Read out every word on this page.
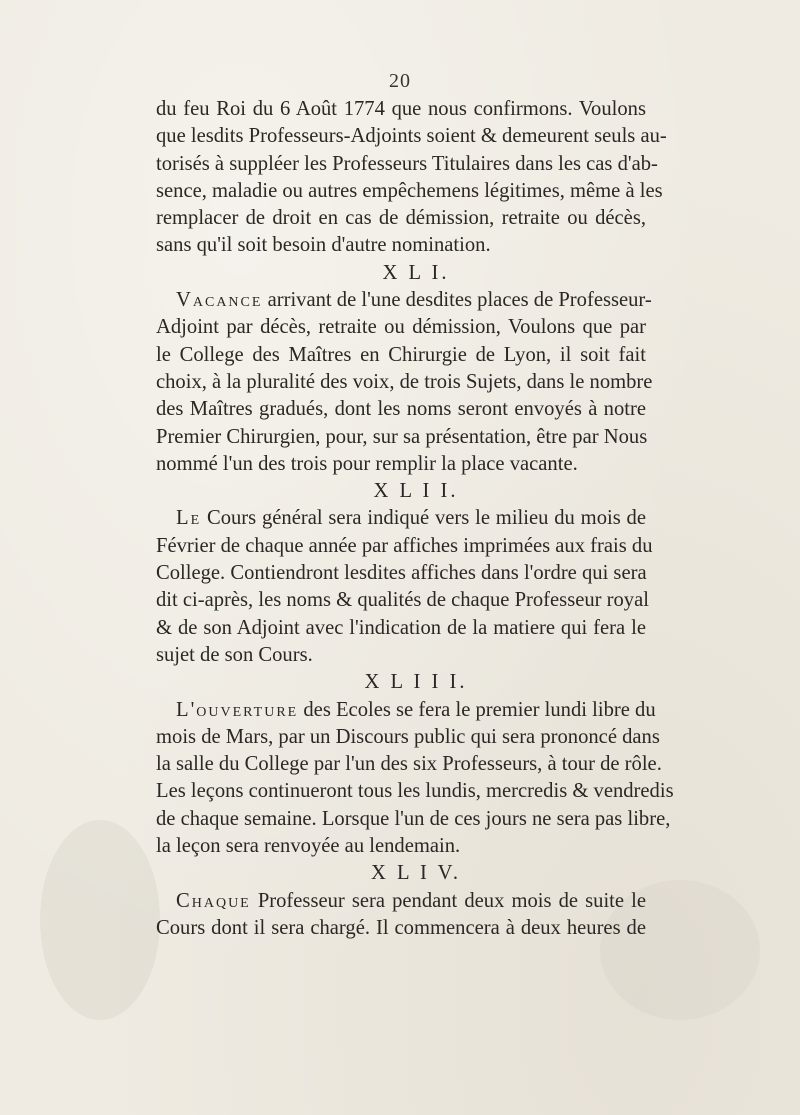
20
du feu Roi du 6 Août 1774 que nous confirmons. Voulons
que lesdits Professeurs-Adjoints soient & demeurent seuls au-
torisés à suppléer les Professeurs Titulaires dans les cas d'ab-
sence, maladie ou autres empêchemens légitimes, même à les
remplacer de droit en cas de démission, retraite ou décès,
sans qu'il soit besoin d'autre nomination.
X L I.
Vacance arrivant de l'une desdites places de Professeur-
Adjoint par décès, retraite ou démission, Voulons que par
le College des Maîtres en Chirurgie de Lyon, il soit fait
choix, à la pluralité des voix, de trois Sujets, dans le nombre
des Maîtres gradués, dont les noms seront envoyés à notre
Premier Chirurgien, pour, sur sa présentation, être par Nous
nommé l'un des trois pour remplir la place vacante.
X L I I.
Le Cours général sera indiqué vers le milieu du mois de
Février de chaque année par affiches imprimées aux frais du
College. Contiendront lesdites affiches dans l'ordre qui sera
dit ci-après, les noms & qualités de chaque Professeur royal
& de son Adjoint avec l'indication de la matiere qui fera le
sujet de son Cours.
X L I I I.
L'ouverture des Ecoles se fera le premier lundi libre du
mois de Mars, par un Discours public qui sera prononcé dans
la salle du College par l'un des six Professeurs, à tour de rôle.
Les leçons continueront tous les lundis, mercredis & vendredis
de chaque semaine. Lorsque l'un de ces jours ne sera pas libre,
la leçon sera renvoyée au lendemain.
X L I V.
Chaque Professeur sera pendant deux mois de suite le
Cours dont il sera chargé. Il commencera à deux heures de
